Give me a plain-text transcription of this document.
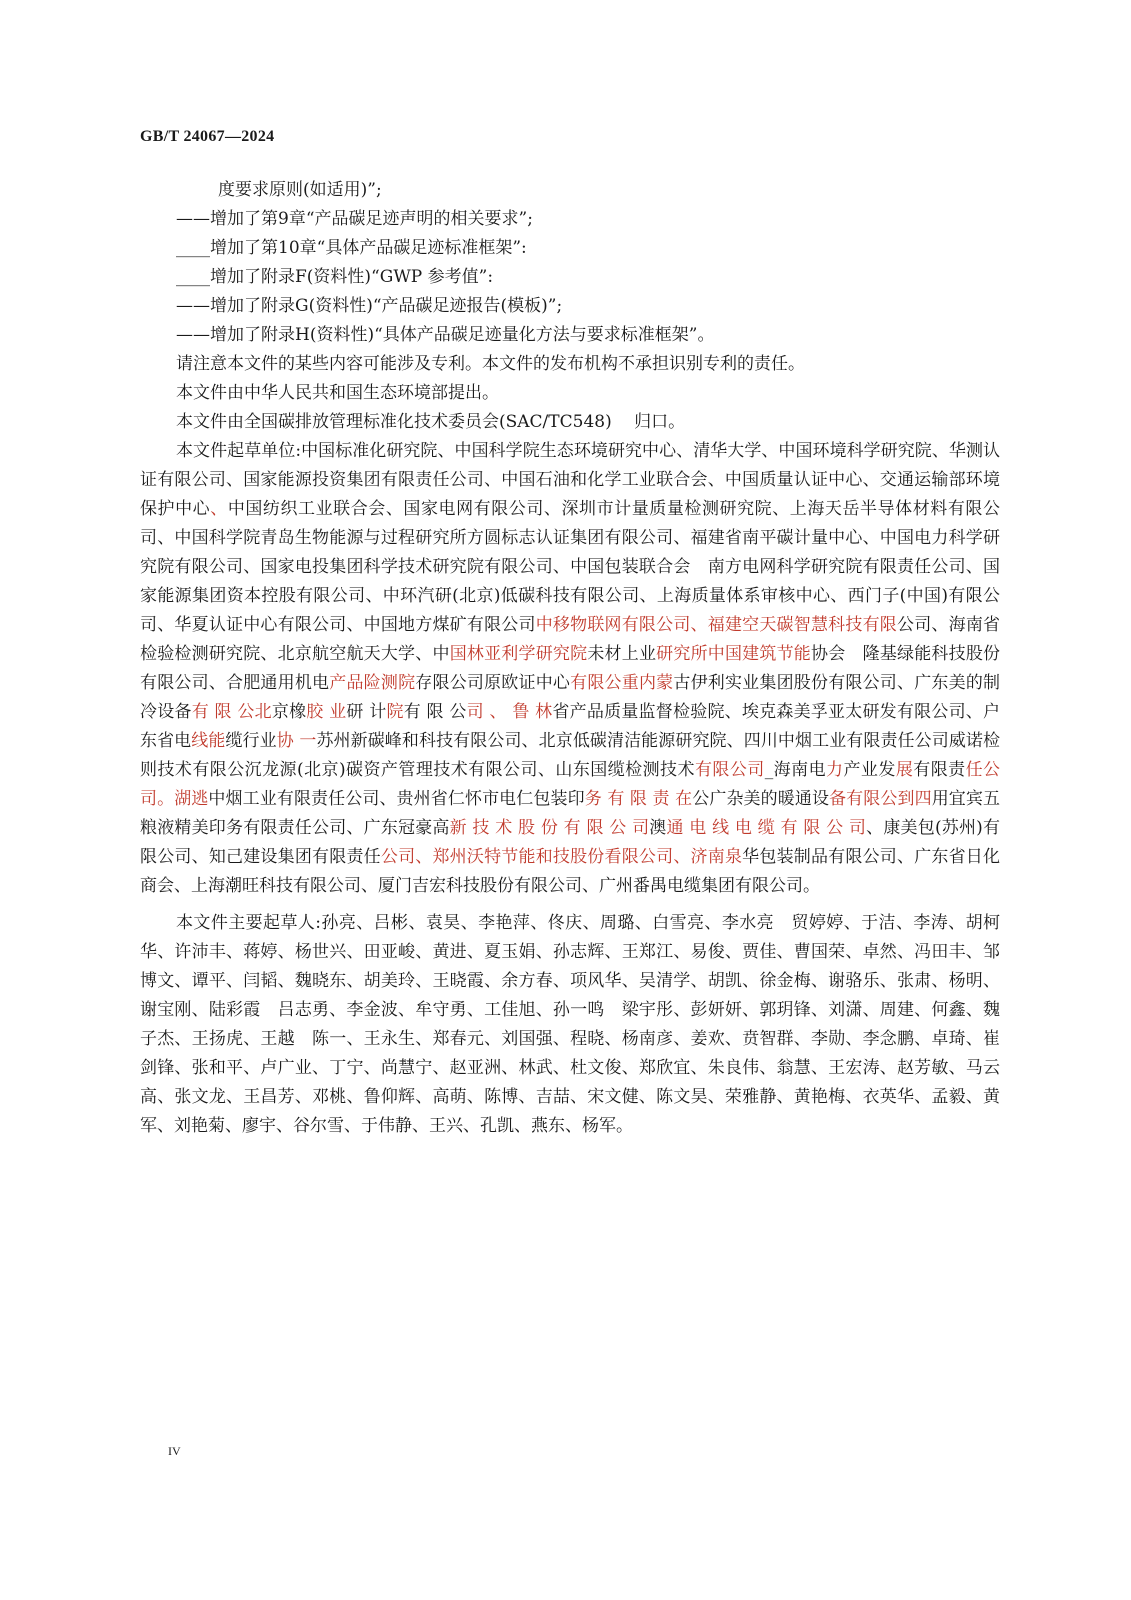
GB/T 24067—2024
度要求原则(如适用)”;
——增加了第9章“产品碳足迹声明的相关要求”;
____增加了第10章“具体产品碳足迹标准框架”:
____增加了附录F(资料性)“GWP 参考值”:
——增加了附录G(资料性)“产品碳足迹报告(模板)”;
——增加了附录H(资料性)“具体产品碳足迹量化方法与要求标准框架”。
请注意本文件的某些内容可能涉及专利。本文件的发布机构不承担识别专利的责任。
本文件由中华人民共和国生态环境部提出。
本文件由全国碳排放管理标准化技术委员会(SAC/TC548)　 归口。

本文件起草单位:中国标准化研究院、中国科学院生态环境研究中心、清华大学、中国环境科学研究院、华测认证有限公司、国家能源投资集团有限责任公司、中国石油和化学工业联合会、中国质量认证中心、交通运输部环境保护中心、中国纺织工业联合会、国家电网有限公司、深圳市计量质量检测研究院、上海天岳半导体材料有限公司、中国科学院青岛生物能源与过程研究所方圆标志认证集团有限公司、福建省南平碳计量中心、中国电力科学研究院有限公司、国家电投集团科学技术研究院有限公司、中国包装联合会　南方电网科学研究院有限责任公司、国家能源集团资本控股有限公司、中环汽研(北京)低碳科技有限公司、上海质量体系审核中心、西门子(中国)有限公司、华夏认证中心有限公司、中国地方煤矿有限公司中移物联网有限公司、福建空天碳智慧科技有限公司、海南省检验检测研究院、北京航空航天大学、中国林亚利学研究院未材上业研究所中国建筑节能协会　隆基绿能科技股份有限公司、合肥通用机电产品险测院存限公司原欧证中心有限公重内蒙古伊利实业集团股份有限公司、广东美的制冷设备有 限 公北京橡胶 业研 计院有 限 公司 、 鲁 林省产品质量监督检验院、埃克森美孚亚太研发有限公司、户东省电线能缆行业协 一苏州新碳峰和科技有限公司、北京低碳清洁能源研究院、四川中烟工业有限责任公司威诺检则技术有限公沉龙源(北京)碳资产管理技术有限公司、山东国缆检测技术有限公司_海南电力产业发展有限责任公司。湖逃中烟工业有限责任公司、贵州省仁怀市电仁包装印务 有 限 责 在公广杂美的暖通设备有限公到四用宜宾五粮液精美印务有限责任公司、广东冠豪高新 技 术 股 份 有 限 公 司澳通 电 线 电 缆 有 限 公 司、康美包(苏州)有限公司、知己建设集团有限责任公司、郑州沃特节能和技股份看限公司、济南泉华包装制品有限公司、广东省日化商会、上海潮旺科技有限公司、厦门吉宏科技股份有限公司、广州番禺电缆集团有限公司。

本文件主要起草人:孙亮、吕彬、袁昊、李艳萍、佟庆、周璐、白雪亮、李水亮　贸婷婷、于洁、李涛、胡柯华、许沛丰、蒋婷、杨世兴、田亚峻、黄进、夏玉娟、孙志辉、王郑江、易俊、贾佳、曹国荣、卓然、冯田丰、邹博文、谭平、闫韬、魏晓东、胡美玲、王晓霞、余方春、项风华、吴清学、胡凯、徐金梅、谢骆乐、张肃、杨明、谢宝刚、陆彩霞　吕志勇、李金波、牟守勇、工佳旭、孙一鸣　梁宇彤、彭妍妍、郭玥锋、刘潇、周建、何鑫、魏子杰、王扬虎、王越　陈一、王永生、郑春元、刘国强、程晓、杨南彦、姜欢、贲智群、李勋、李念鹏、卓琦、崔剑锋、张和平、卢广业、丁宁、尚慧宁、赵亚洲、林武、杜文俊、郑欣宜、朱良伟、翁慧、王宏涛、赵芳敏、马云高、张文龙、王昌芳、邓桃、鲁仰辉、高萌、陈博、吉喆、宋文健、陈文昊、荣雅静、黄艳梅、衣英华、孟毅、黄军、刘艳菊、廖宇、谷尔雪、于伟静、王兴、孔凯、燕东、杨军。

IV
